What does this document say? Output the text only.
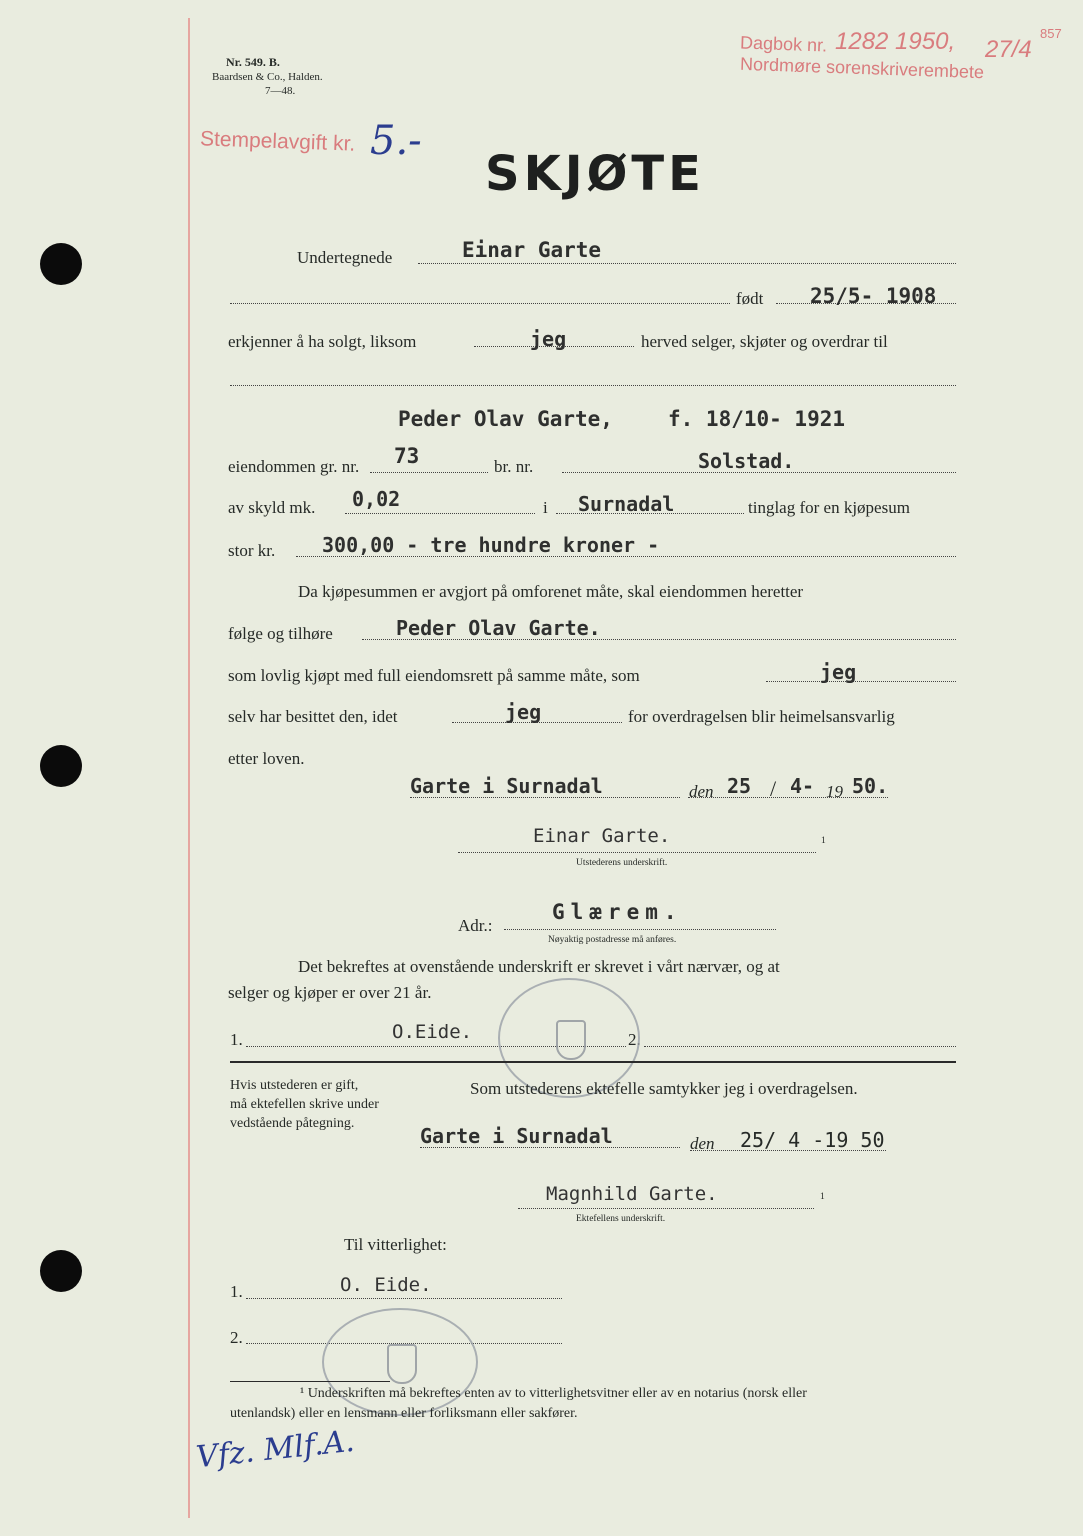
Nr. 549. B.
Baardsen & Co., Halden.
7—48.
Stempelavgift kr. 5.-
Dagbok nr. 1282 1950, 27/4
857
Nordmøre sorenskriverembete
SKJØTE
Undertegnede	Einar Garte
født 25/5- 1908
erkjenner å ha solgt, liksom	jeg	herved selger, skjøter og overdrar til
Peder Olav Garte,	f. 18/10- 1921
eiendommen gr. nr. 73	br. nr.	Solstad.
av skyld mk. 0,02	i Surnadal	tinglag for en kjøpesum
stor kr. 300,00 - tre hundre kroner -
Da kjøpesummen er avgjort på omforenet måte, skal eiendommen heretter
følge og tilhøre	Peder Olav Garte.
som lovlig kjøpt med full eiendomsrett på samme måte, som	jeg
selv har besittet den, idet	jeg	for overdragelsen blir heimelsansvarlig
etter loven.
Garte i Surnadal	den 25 / 4- 19 50.
Einar Garte.	1
Utstederens underskrift.
Adr.:
Glærem.
Nøyaktig postadresse må anføres.
Det bekreftes at ovenstående underskrift er skrevet i vårt nærvær, og at
selger og kjøper er over 21 år.
1.	O.Eide.	2.
Hvis utstederen er gift,
må ektefellen skrive under
vedstående påtegning.
Som utstederens ektefelle samtykker jeg i overdragelsen.
Garte i Surnadal	den 25/ 4 -19 50
Magnhild Garte.	1
Ektefellens underskrift.
Til vitterlighet:
1.	O. Eide.
2.
¹ Underskriften må bekreftes enten av to vitterlighetsvitner eller av en notarius (norsk eller
utenlandsk) eller en lensmann eller forliksmann eller sakfører.
Vfz. Mlf.A.
